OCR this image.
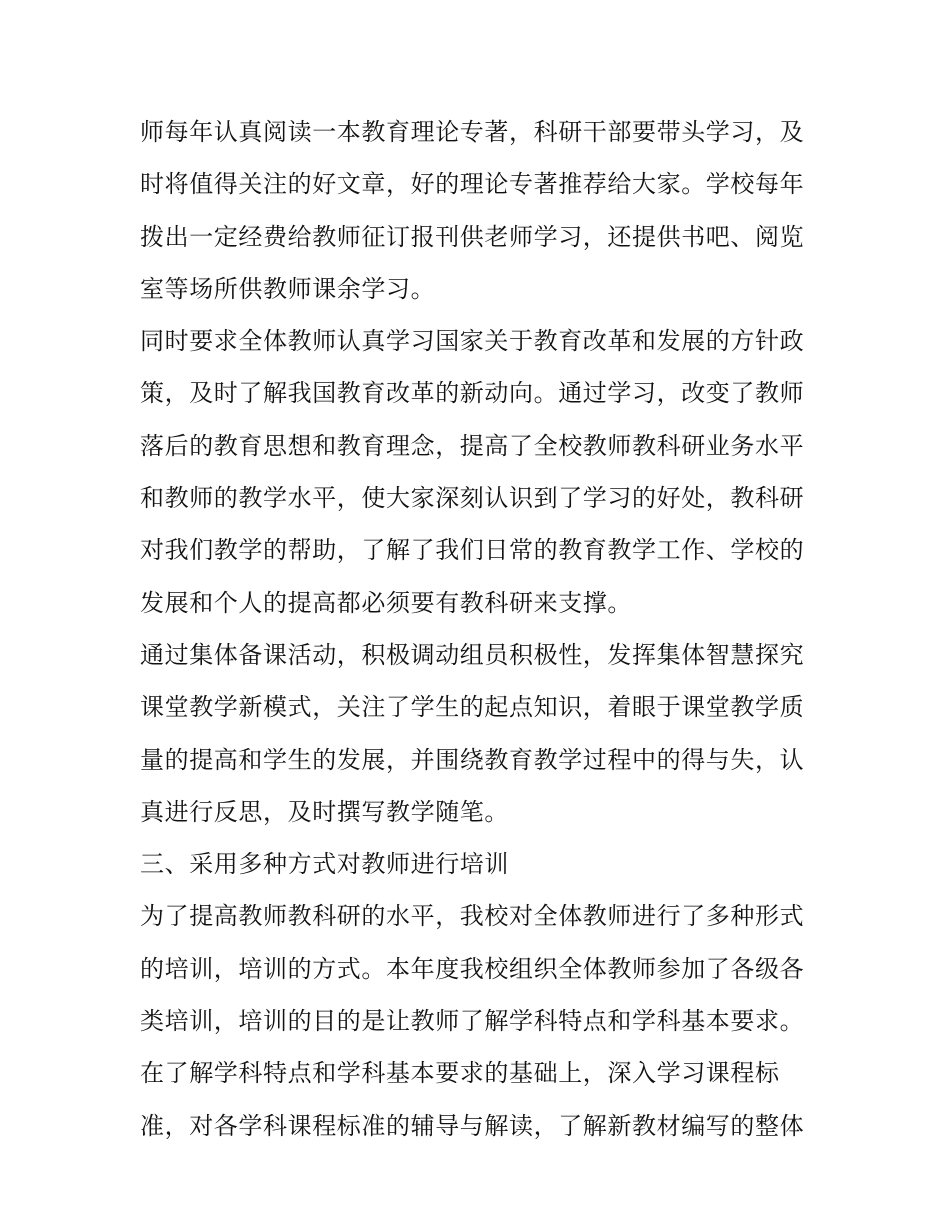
师每年认真阅读一本教育理论专著，科研干部要带头学习，及
时将值得关注的好文章，好的理论专著推荐给大家。学校每年
拨出一定经费给教师征订报刊供老师学习，还提供书吧、阅览
室等场所供教师课余学习。
同时要求全体教师认真学习国家关于教育改革和发展的方针政
策，及时了解我国教育改革的新动向。通过学习，改变了教师
落后的教育思想和教育理念，提高了全校教师教科研业务水平
和教师的教学水平，使大家深刻认识到了学习的好处，教科研
对我们教学的帮助，了解了我们日常的教育教学工作、学校的
发展和个人的提高都必须要有教科研来支撑。
通过集体备课活动，积极调动组员积极性，发挥集体智慧探究
课堂教学新模式，关注了学生的起点知识，着眼于课堂教学质
量的提高和学生的发展，并围绕教育教学过程中的得与失，认
真进行反思，及时撰写教学随笔。
三、采用多种方式对教师进行培训
为了提高教师教科研的水平，我校对全体教师进行了多种形式
的培训，培训的方式。本年度我校组织全体教师参加了各级各
类培训，培训的目的是让教师了解学科特点和学科基本要求。
在了解学科特点和学科基本要求的基础上，深入学习课程标
准，对各学科课程标准的辅导与解读，了解新教材编写的整体
